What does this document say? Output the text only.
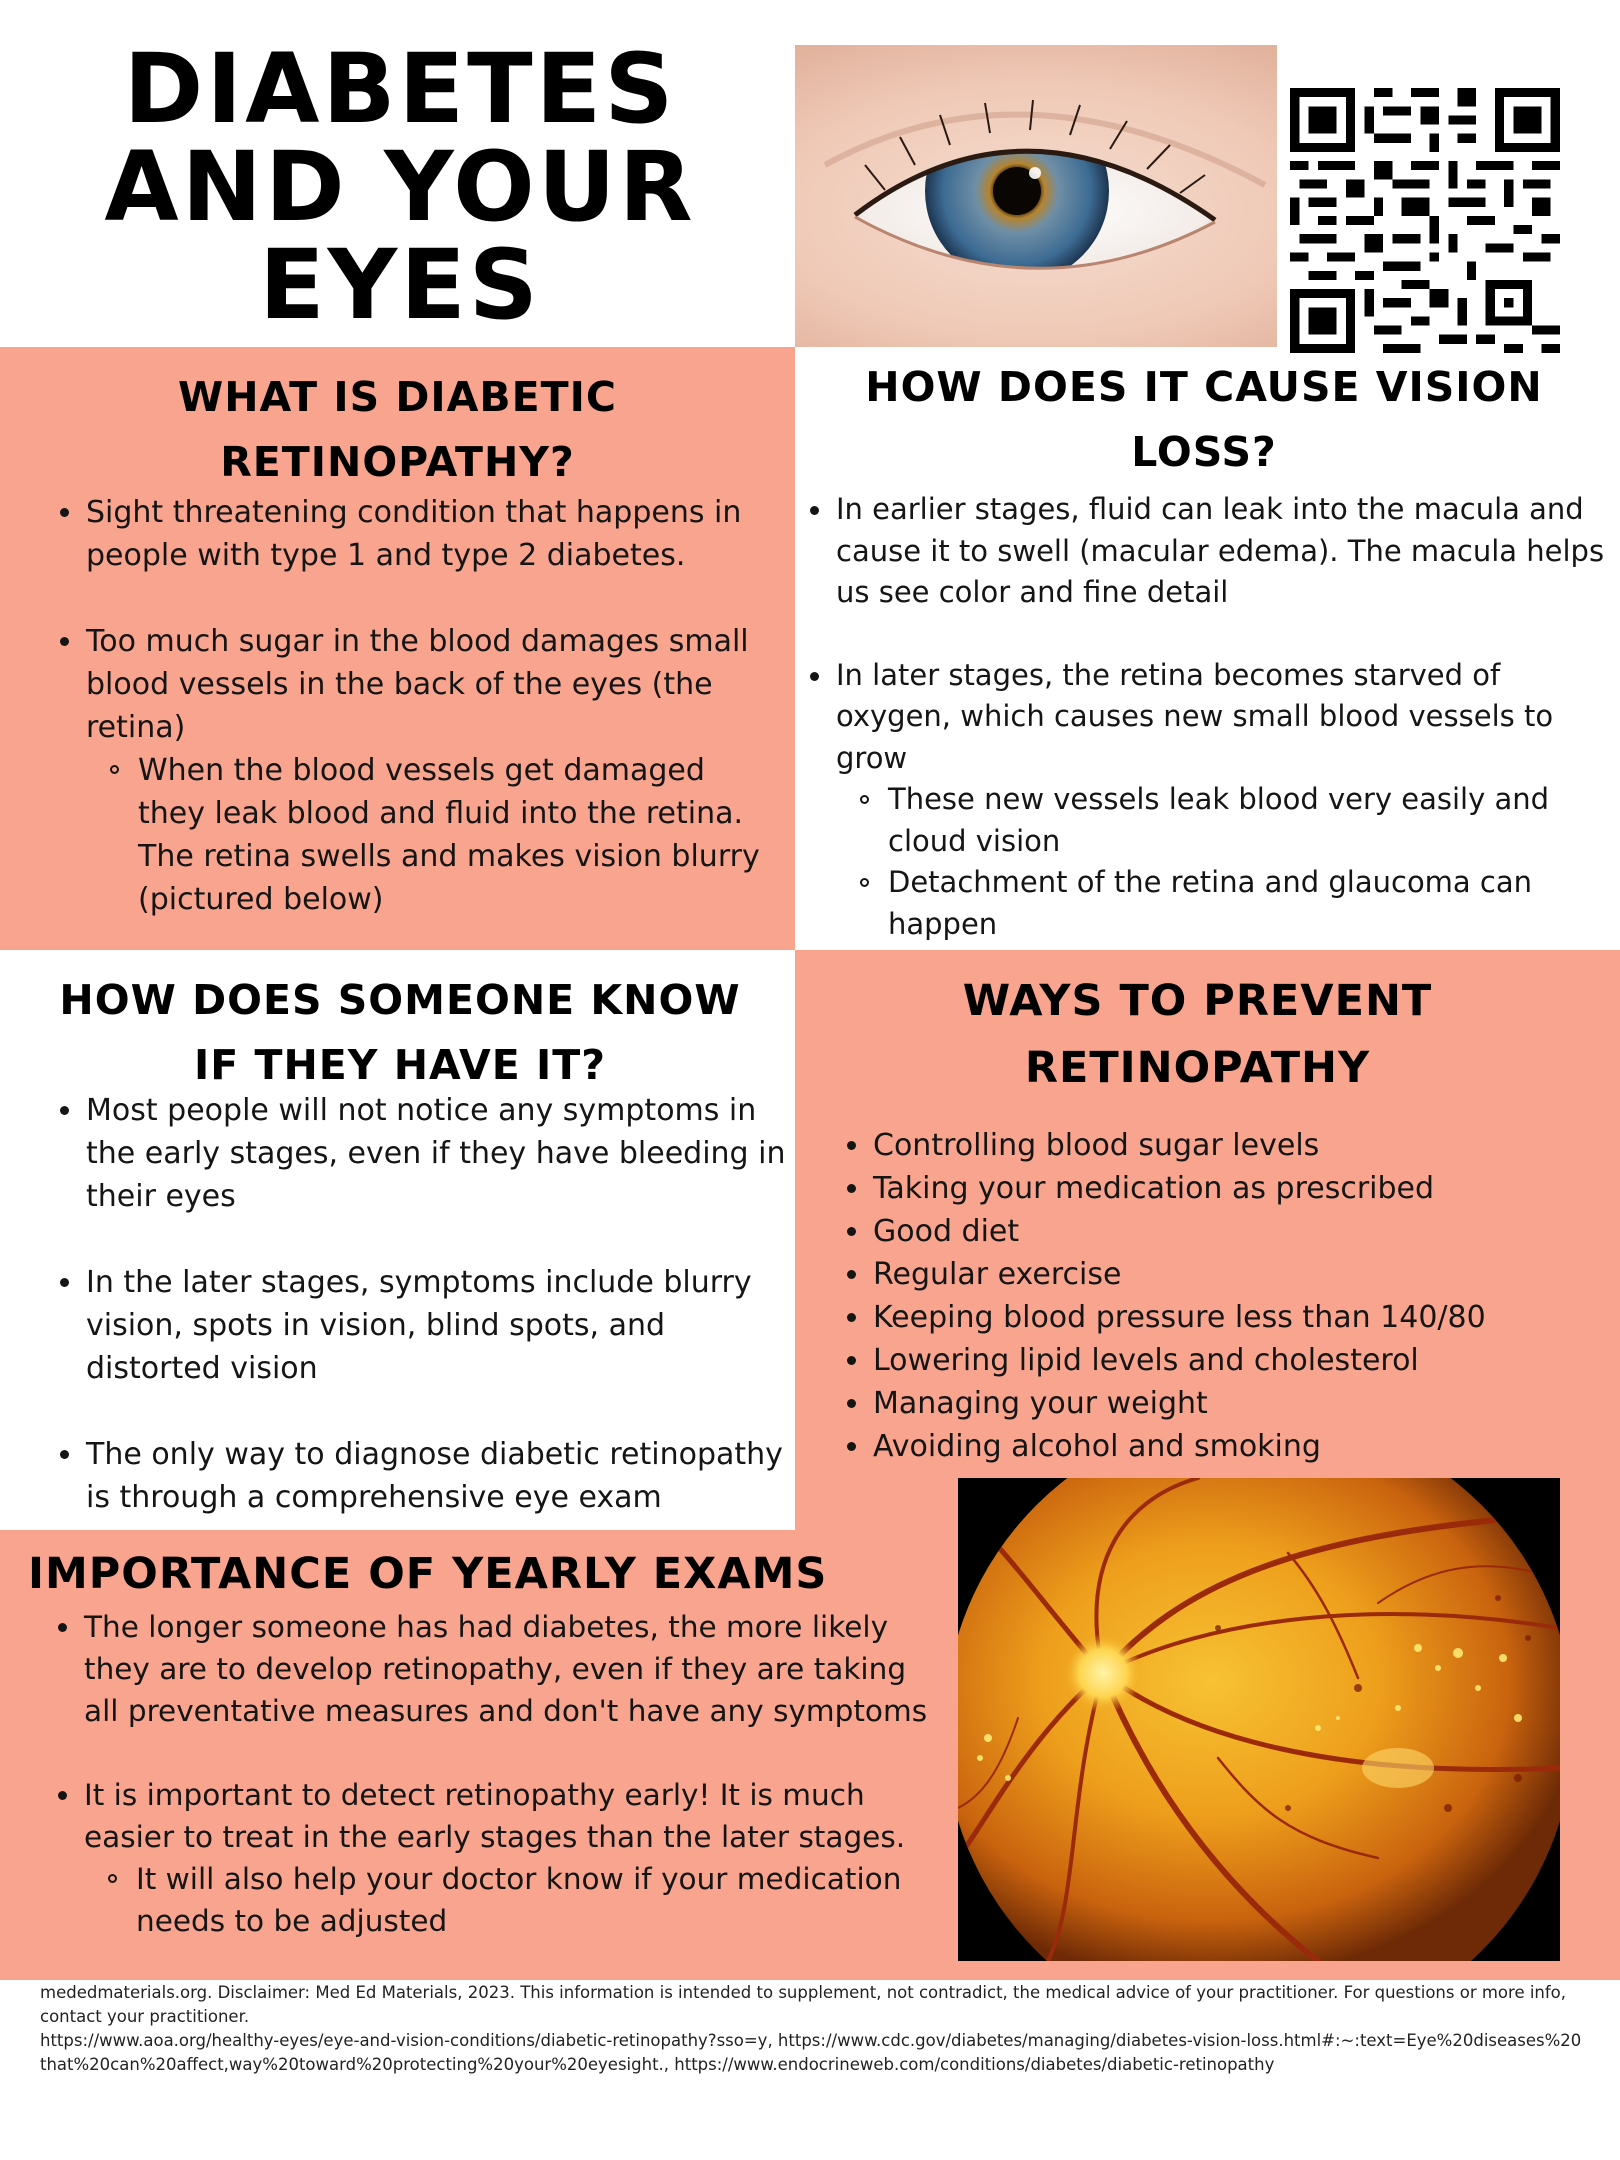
DIABETES
AND YOUR
EYES
WHAT IS DIABETIC
RETINOPATHY?
Sight threatening condition that happens in people with type 1 and type 2 diabetes.
Too much sugar in the blood damages small blood vessels in the back of the eyes (the retina)
When the blood vessels get damaged they leak blood and fluid into the retina. The retina swells and makes vision blurry (pictured below)
HOW DOES IT CAUSE VISION
LOSS?
In earlier stages, fluid can leak into the macula and cause it to swell (macular edema). The macula helps us see color and fine detail
In later stages, the retina becomes starved of oxygen, which causes new small blood vessels to grow
These new vessels leak blood very easily and cloud vision
Detachment of the retina and glaucoma can happen
HOW DOES SOMEONE KNOW
IF THEY HAVE IT?
Most people will not notice any symptoms in the early stages, even if they have bleeding in their eyes
In the later stages, symptoms include blurry vision, spots in vision, blind spots, and distorted vision
The only way to diagnose diabetic retinopathy is through a comprehensive eye exam
WAYS TO PREVENT
RETINOPATHY
Controlling blood sugar levels
Taking your medication as prescribed
Good diet
Regular exercise
Keeping blood pressure less than 140/80
Lowering lipid levels and cholesterol
Managing your weight
Avoiding alcohol and smoking
IMPORTANCE OF YEARLY EXAMS
The longer someone has had diabetes, the more likely they are to develop retinopathy, even if they are taking all preventative measures and don't have any symptoms
It is important to detect retinopathy early! It is much easier to treat in the early stages than the later stages.
It will also help your doctor know if your medication needs to be adjusted
mededmaterials.org. Disclaimer: Med Ed Materials, 2023. This information is intended to supplement, not contradict, the medical advice of your practitioner. For questions or more info, contact your practitioner.
https://www.aoa.org/healthy-eyes/eye-and-vision-conditions/diabetic-retinopathy?sso=y, https://www.cdc.gov/diabetes/managing/diabetes-vision-loss.html#:~:text=Eye%20diseases%20that%20can%20affect,way%20toward%20protecting%20your%20eyesight., https://www.endocrineweb.com/conditions/diabetes/diabetic-retinopathy
